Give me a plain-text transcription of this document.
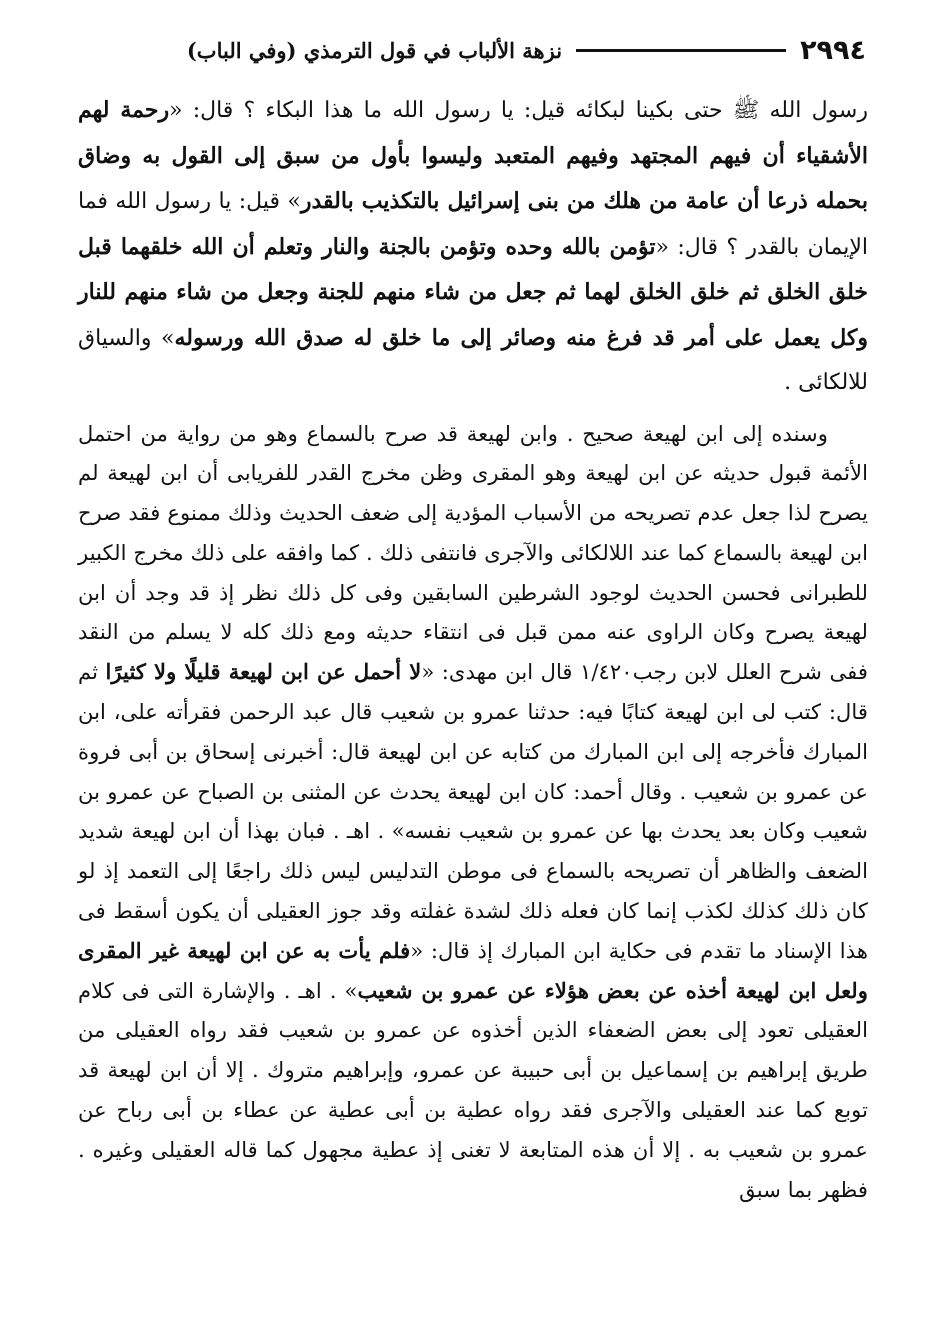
٢٩٩٤
نزهة الألباب في قول الترمذي (وفي الباب)

رسول الله ﷺ حتى بكينا لبكائه قيل: يا رسول الله ما هذا البكاء ؟ قال: «رحمة لهم الأشقياء أن فيهم المجتهد وفيهم المتعبد وليسوا بأول من سبق إلى القول به وضاق بحمله ذرعا أن عامة من هلك من بنى إسرائيل بالتكذيب بالقدر» قيل: يا رسول الله فما الإيمان بالقدر ؟ قال: «تؤمن بالله وحده وتؤمن بالجنة والنار وتعلم أن الله خلقهما قبل خلق الخلق ثم خلق الخلق لهما ثم جعل من شاء منهم للجنة وجعل من شاء منهم للنار وكل يعمل على أمر قد فرغ منه وصائر إلى ما خلق له صدق الله ورسوله» والسياق للالكائى .

وسنده إلى ابن لهيعة صحيح . وابن لهيعة قد صرح بالسماع وهو من رواية من احتمل الأئمة قبول حديثه عن ابن لهيعة وهو المقرى وظن مخرج القدر للفريابى أن ابن لهيعة لم يصرح لذا جعل عدم تصريحه من الأسباب المؤدية إلى ضعف الحديث وذلك ممنوع فقد صرح ابن لهيعة بالسماع كما عند اللالكائى والآجرى فانتفى ذلك . كما وافقه على ذلك مخرج الكبير للطبرانى فحسن الحديث لوجود الشرطين السابقين وفى كل ذلك نظر إذ قد وجد أن ابن لهيعة يصرح وكان الراوى عنه ممن قبل فى انتقاء حديثه ومع ذلك كله لا يسلم من النقد ففى شرح العلل لابن رجب١/٤٢٠ قال ابن مهدى: «لا أحمل عن ابن لهيعة قليلًا ولا كثيرًا ثم قال: كتب لى ابن لهيعة كتابًا فيه: حدثنا عمرو بن شعيب قال عبد الرحمن فقرأته على، ابن المبارك فأخرجه إلى ابن المبارك من كتابه عن ابن لهيعة قال: أخبرنى إسحاق بن أبى فروة عن عمرو بن شعيب . وقال أحمد: كان ابن لهيعة يحدث عن المثنى بن الصباح عن عمرو بن شعيب وكان بعد يحدث بها عن عمرو بن شعيب نفسه» . اهـ . فبان بهذا أن ابن لهيعة شديد الضعف والظاهر أن تصريحه بالسماع فى موطن التدليس ليس ذلك راجعًا إلى التعمد إذ لو كان ذلك كذلك لكذب إنما كان فعله ذلك لشدة غفلته وقد جوز العقيلى أن يكون أسقط فى هذا الإسناد ما تقدم فى حكاية ابن المبارك إذ قال: «فلم يأت به عن ابن لهيعة غير المقرى ولعل ابن لهيعة أخذه عن بعض هؤلاء عن عمرو بن شعيب» . اهـ . والإشارة التى فى كلام العقيلى تعود إلى بعض الضعفاء الذين أخذوه عن عمرو بن شعيب فقد رواه العقيلى من طريق إبراهيم بن إسماعيل بن أبى حبيبة عن عمرو، وإبراهيم متروك . إلا أن ابن لهيعة قد توبع كما عند العقيلى والآجرى فقد رواه عطية بن أبى عطية عن عطاء بن أبى رباح عن عمرو بن شعيب به . إلا أن هذه المتابعة لا تغنى إذ عطية مجهول كما قاله العقيلى وغيره . فظهر بما سبق
